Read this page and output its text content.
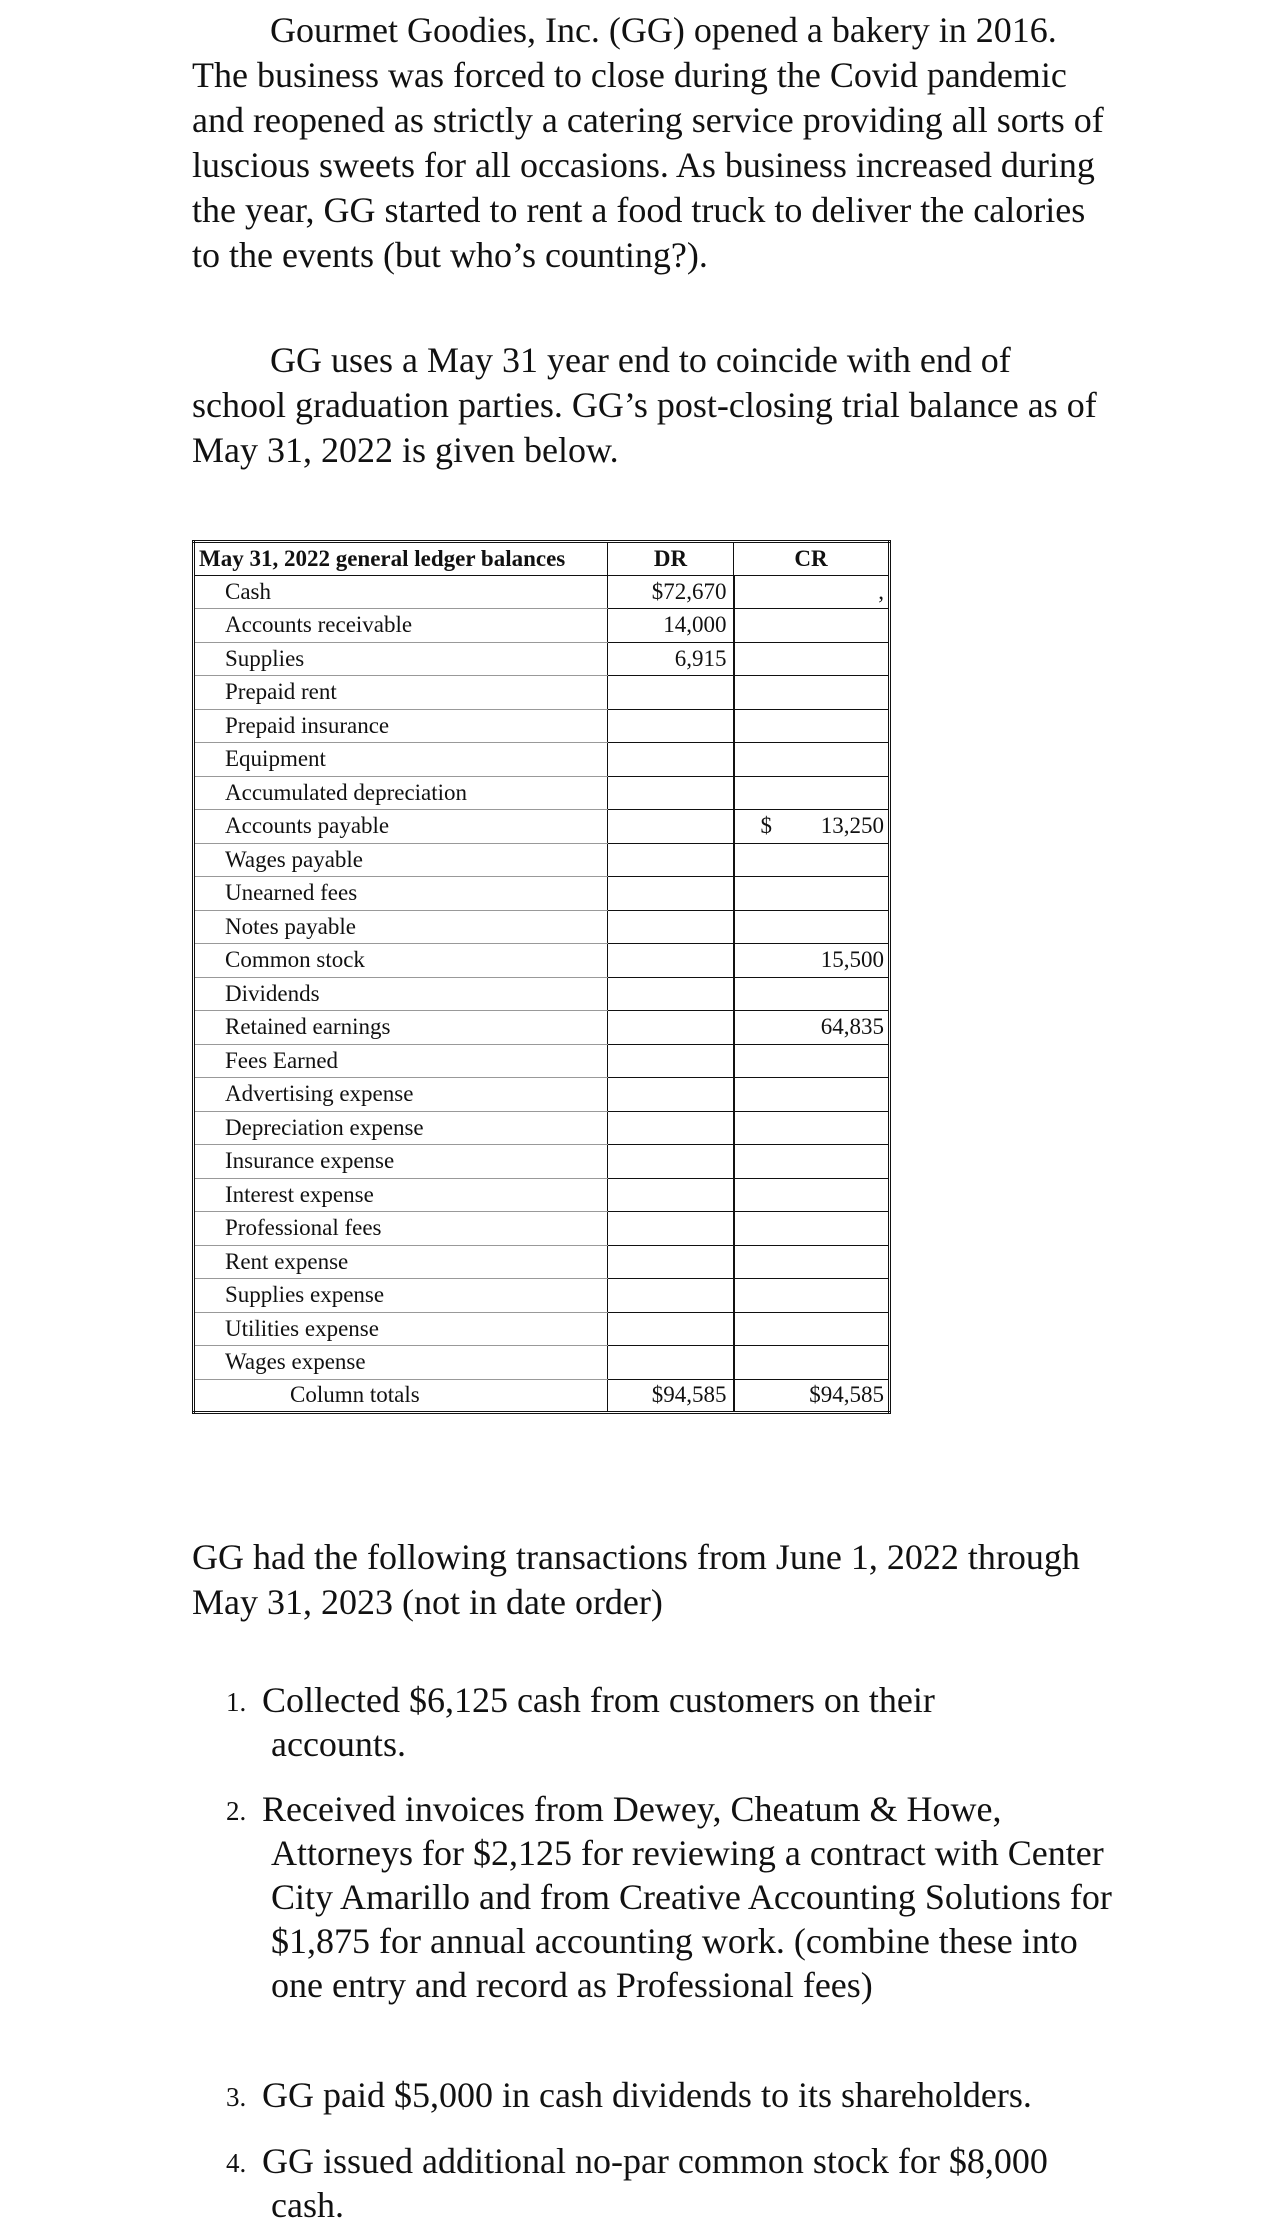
Gourmet Goodies, Inc. (GG) opened a bakery in 2016. The business was forced to close during the Covid pandemic and reopened as strictly a catering service providing all sorts of luscious sweets for all occasions. As business increased during the year, GG started to rent a food truck to deliver the calories to the events (but who’s counting?).

GG uses a May 31 year end to coincide with end of school graduation parties. GG’s post-closing trial balance as of May 31, 2022 is given below.

May 31, 2022 general ledger balances	DR	CR
Cash	$72,670	,
Accounts receivable	14,000	
Supplies	6,915	
Prepaid rent		
Prepaid insurance		
Equipment		
Accumulated depreciation		
Accounts payable		$ 13,250
Wages payable		
Unearned fees		
Notes payable		
Common stock		15,500
Dividends		
Retained earnings		64,835
Fees Earned		
Advertising expense		
Depreciation expense		
Insurance expense		
Interest expense		
Professional fees		
Rent expense		
Supplies expense		
Utilities expense		
Wages expense		
Column totals	$94,585	$94,585

GG had the following transactions from June 1, 2022 through May 31, 2023 (not in date order)

1. Collected $6,125 cash from customers on their
accounts.
2. Received invoices from Dewey, Cheatum & Howe,
Attorneys for $2,125 for reviewing a contract with Center City Amarillo and from Creative Accounting Solutions for $1,875 for annual accounting work. (combine these into one entry and record as Professional fees)
3. GG paid $5,000 in cash dividends to its shareholders.
4. GG issued additional no-par common stock for $8,000
cash.
